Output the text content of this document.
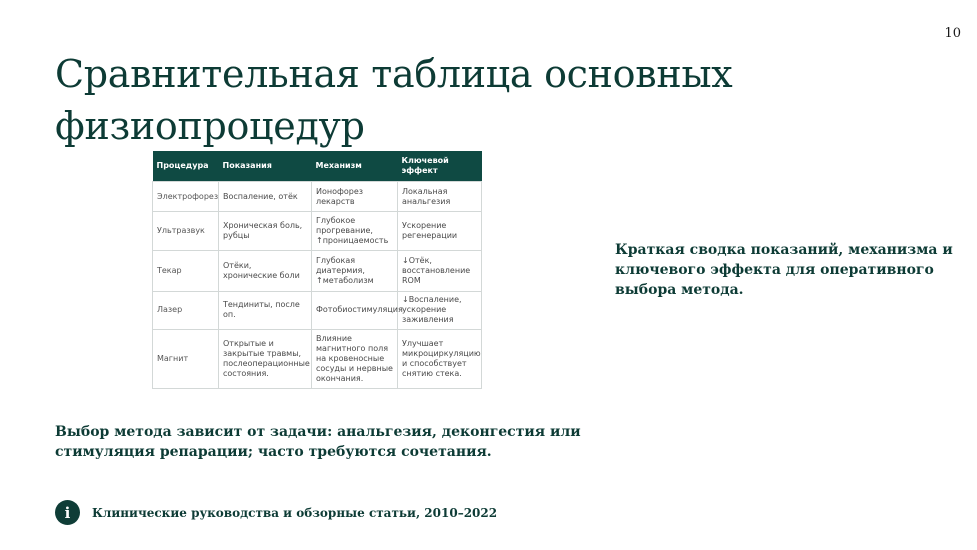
10
Сравнительная таблица основных физиопроцедур
Процедура	Показания	Механизм	Ключевой эффект
Электрофорез	Воспаление, отёк	Ионофорез лекарств	Локальная анальгезия
Ультразвук	Хроническая боль, рубцы	Глубокое прогревание, ↑проницаемость	Ускорение регенерации
Текар	Отёки, хронические боли	Глубокая диатермия, ↑метаболизм	↓Отёк, восстановление ROM
Лазер	Тендиниты, после оп.	Фотобиостимуляция	↓Воспаление, ускорение заживления
Магнит	Открытые и закрытые травмы, послеоперационные состояния.	Влияние магнитного поля на кровеносные сосуды и нервные окончания.	Улучшает микроциркуляцию и способствует снятию стека.
Краткая сводка показаний, механизма и ключевого эффекта для оперативного выбора метода.
Выбор метода зависит от задачи: анальгезия, деконгестия или стимуляция репарации; часто требуются сочетания.
i	Клинические руководства и обзорные статьи, 2010–2022
